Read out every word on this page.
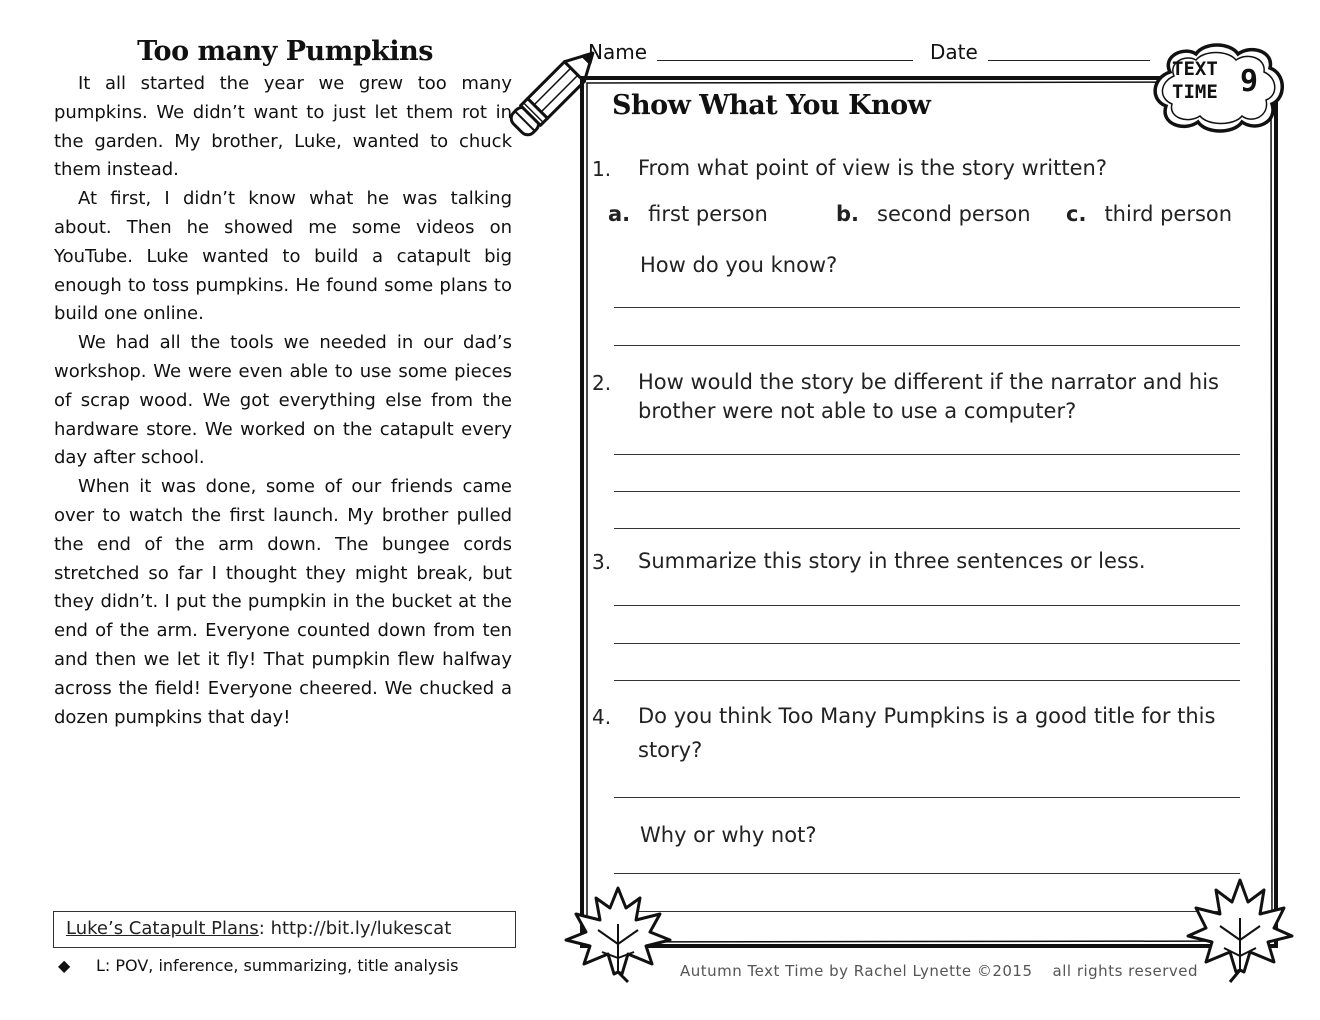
Too many Pumpkins

It all started the year we grew too many pumpkins. We didn’t want to just let them rot in the garden. My brother, Luke, wanted to chuck them instead.

At first, I didn’t know what he was talking about. Then he showed me some videos on YouTube. Luke wanted to build a catapult big enough to toss pumpkins. He found some plans to build one online.

We had all the tools we needed in our dad’s workshop. We were even able to use some pieces of scrap wood. We got everything else from the hardware store. We worked on the catapult every day after school.

When it was done, some of our friends came over to watch the first launch. My brother pulled the end of the arm down. The bungee cords stretched so far I thought they might break, but they didn’t. I put the pumpkin in the bucket at the end of the arm. Everyone counted down from ten and then we let it fly! That pumpkin flew halfway across the field! Everyone cheered. We chucked a dozen pumpkins that day!

Luke’s Catapult Plans: http://bit.ly/lukescat
◆	L: POV, inference, summarizing, title analysis
Name	Date
TEXT
TIME 9
Show What You Know
1. From what point of view is the story written?
a. first person	b. second person c. third person
How do you know?
2. How would the story be different if the narrator and his
brother were not able to use a computer?
3. Summarize this story in three sentences or less.
4. Do you think Too Many Pumpkins is a good title for this
story?
Why or why not?
Autumn Text Time by Rachel Lynette ©2015 all rights reserved
